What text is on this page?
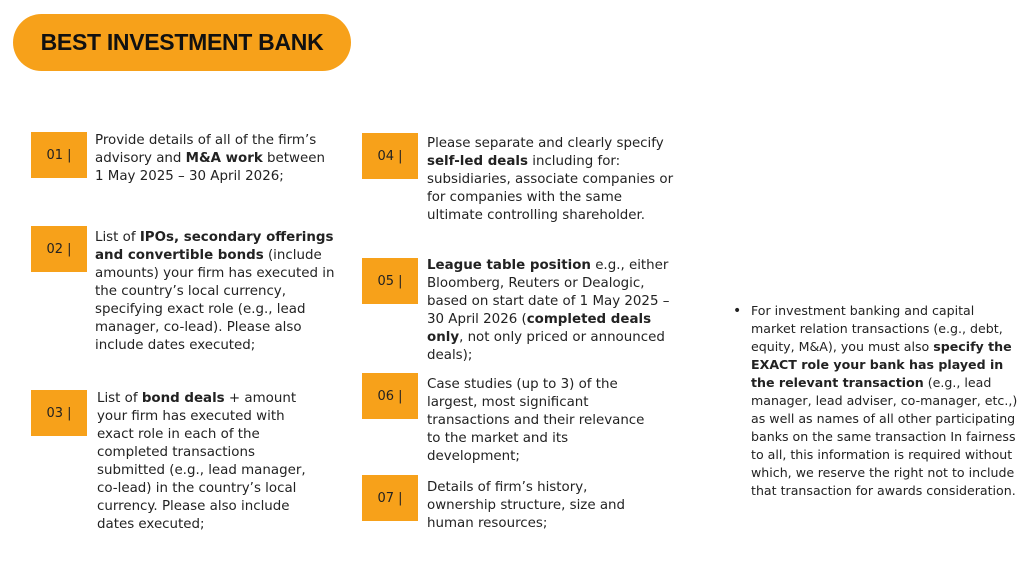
BEST INVESTMENT BANK
01 |
Provide details of all of the firm’s advisory and M&A work between 1 May 2025 – 30 April 2026;
02 |
List of IPOs, secondary offerings and convertible bonds (include amounts) your firm has executed in the country’s local currency, specifying exact role (e.g., lead manager, co-lead). Please also include dates executed;
03 |
List of bond deals + amount your firm has executed with exact role in each of the completed transactions submitted (e.g., lead manager, co-lead) in the country’s local currency. Please also include dates executed;
04 |
Please separate and clearly specify self-led deals including for: subsidiaries, associate companies or for companies with the same ultimate controlling shareholder.
05 |
League table position e.g., either Bloomberg, Reuters or Dealogic, based on start date of 1 May 2025 – 30 April 2026 (completed deals only, not only priced or announced deals);
06 |
Case studies (up to 3) of the largest, most significant transactions and their relevance to the market and its development;
07 |
Details of firm’s history, ownership structure, size and human resources;
• For investment banking and capital market relation transactions (e.g., debt, equity, M&A), you must also specify the EXACT role your bank has played in the relevant transaction (e.g., lead manager, lead adviser, co-manager, etc.,) as well as names of all other participating banks on the same transaction In fairness to all, this information is required without which, we reserve the right not to include that transaction for awards consideration.
